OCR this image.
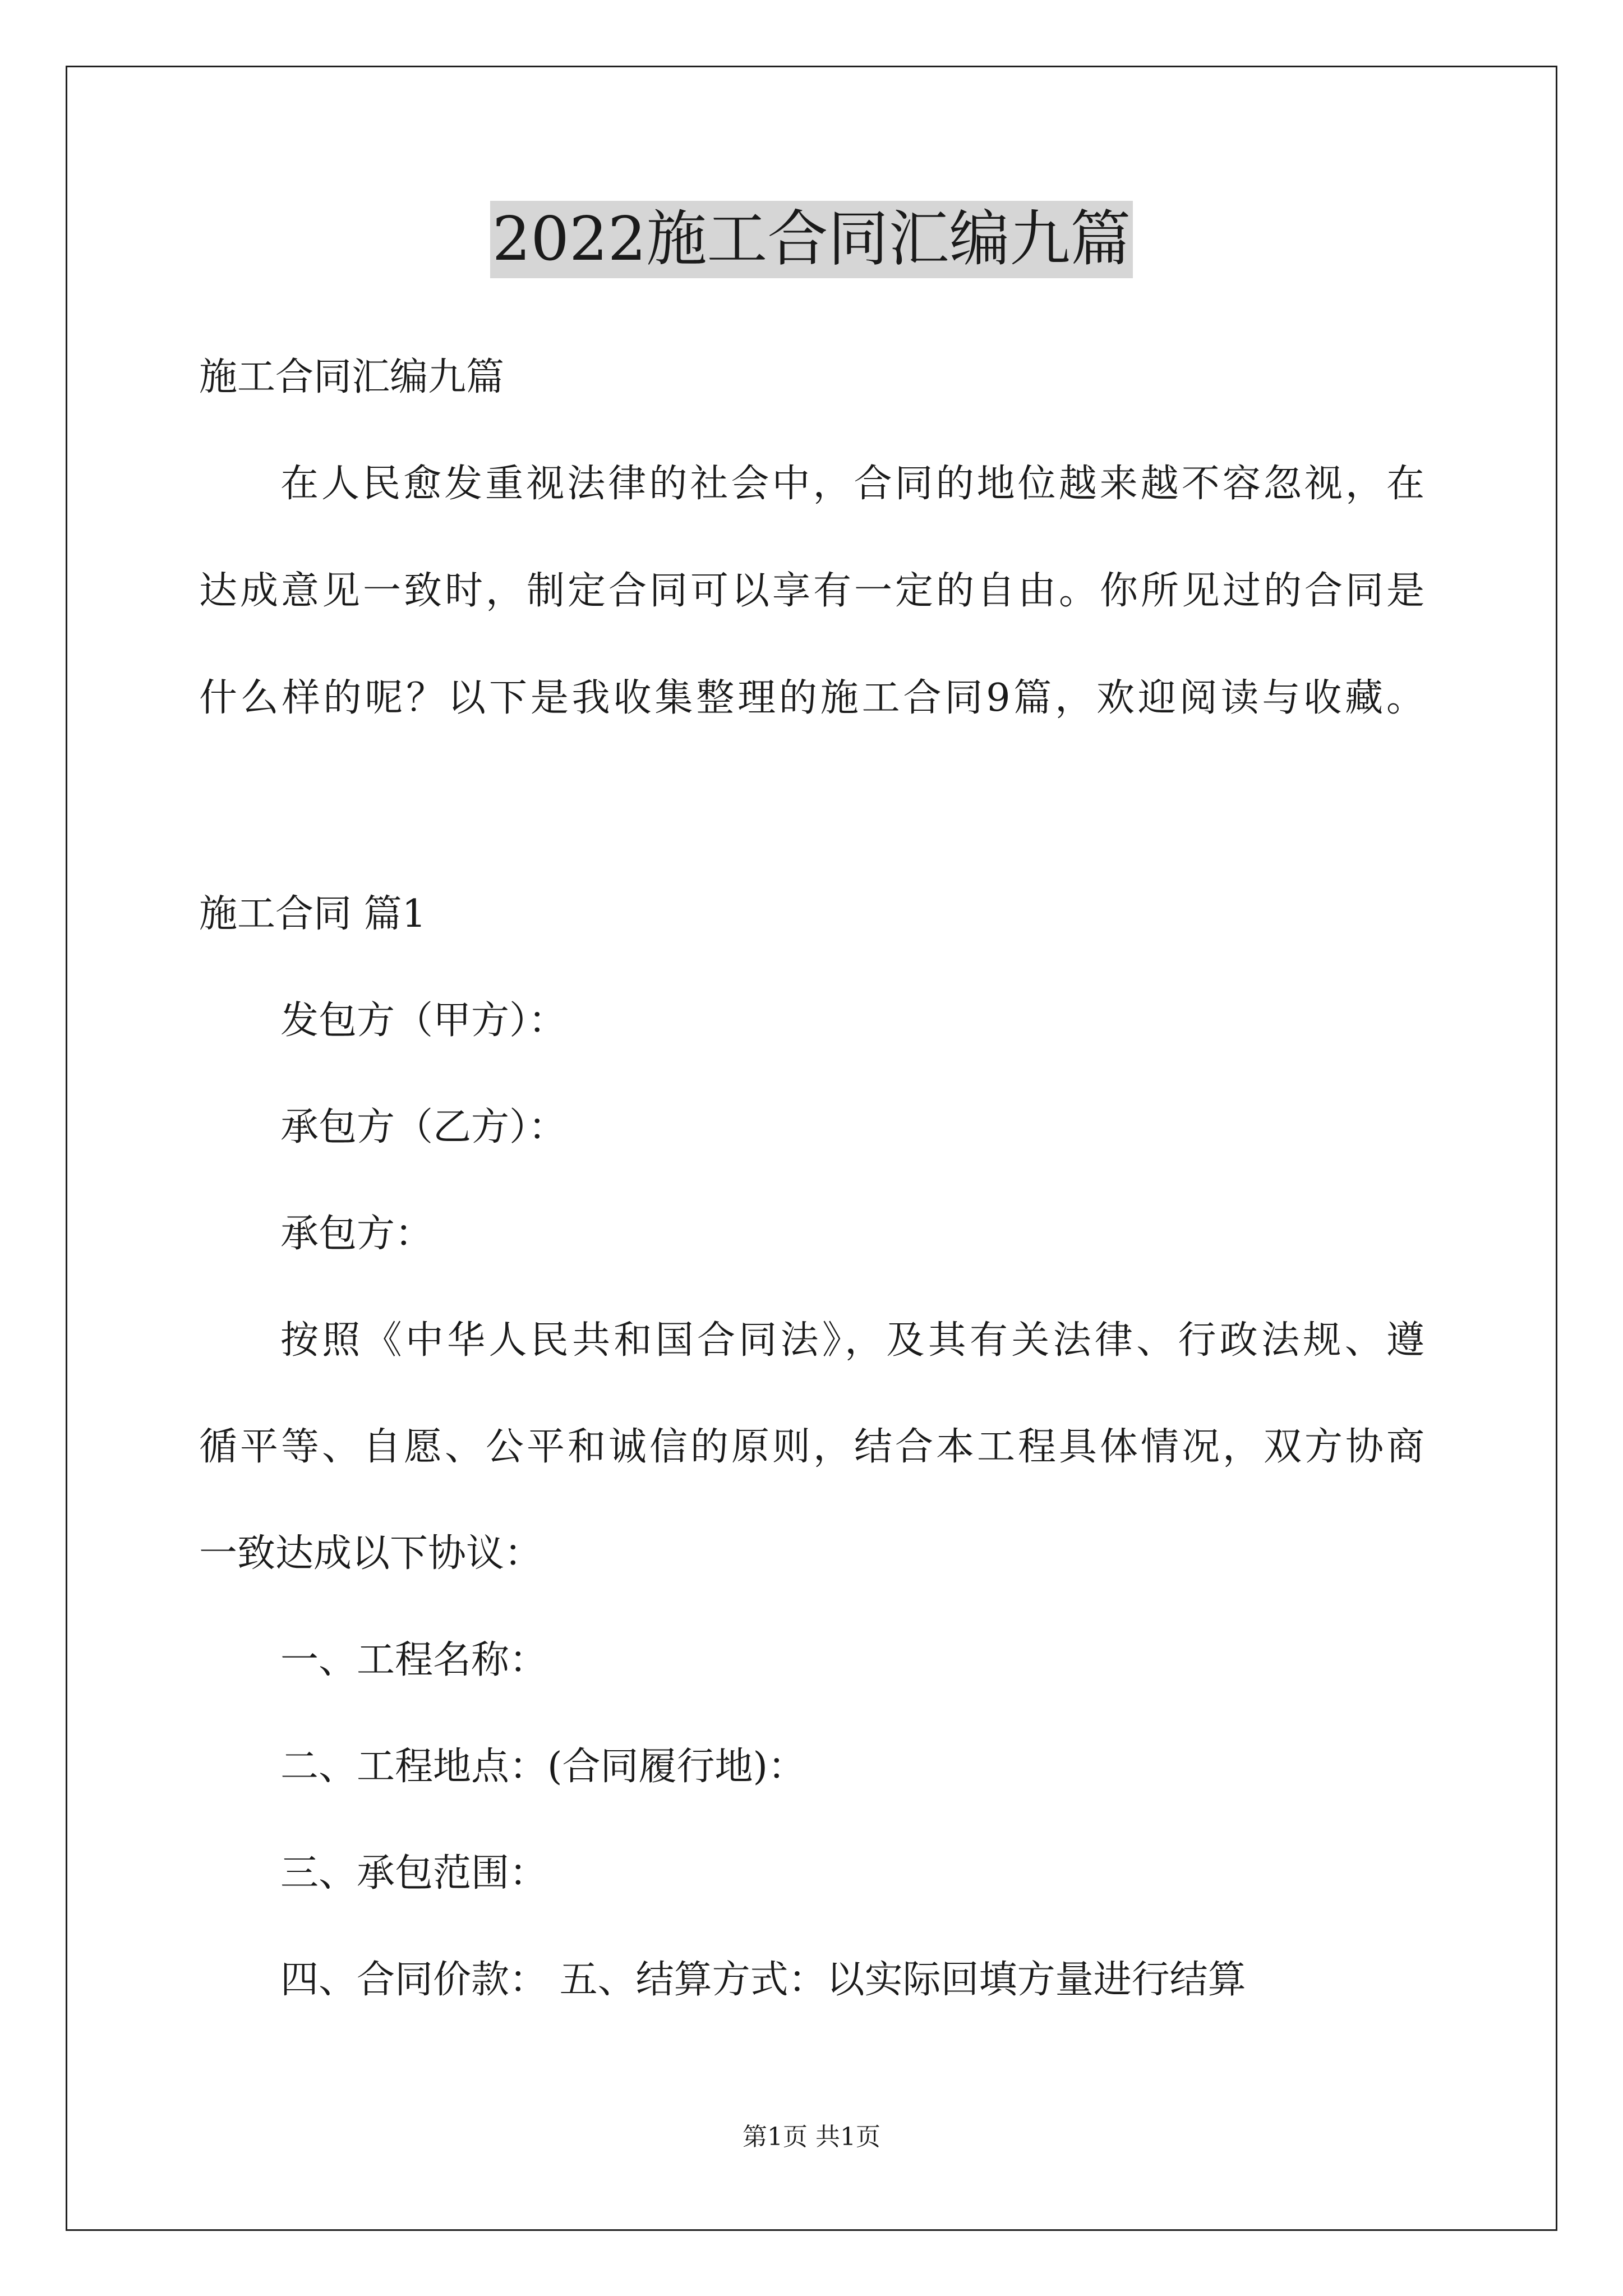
2022施工合同汇编九篇
施工合同汇编九篇
在人民愈发重视法律的社会中，合同的地位越来越不容忽视，在
达成意见一致时，制定合同可以享有一定的自由。你所见过的合同是
什么样的呢？以下是我收集整理的施工合同9篇，欢迎阅读与收藏。
施工合同 篇1
发包方（甲方）：
承包方（乙方）：
承包方：
按照《中华人民共和国合同法》，及其有关法律、行政法规、遵
循平等、自愿、公平和诚信的原则，结合本工程具体情况，双方协商
一致达成以下协议：
一、工程名称：
二、工程地点：(合同履行地)：
三、承包范围：
四、合同价款： 五、结算方式：以实际回填方量进行结算
第1页 共1页
